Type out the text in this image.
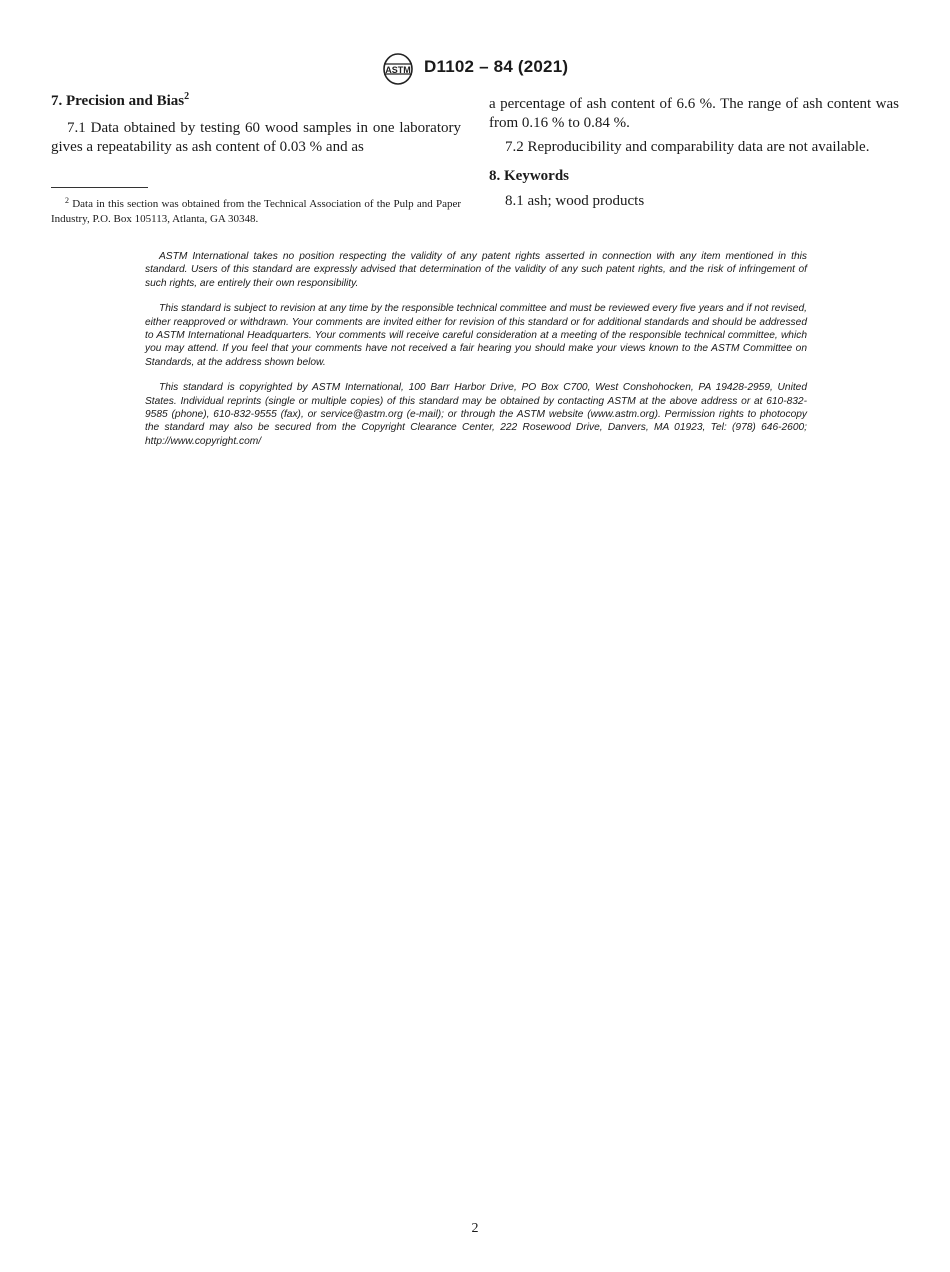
ASTM D1102 – 84 (2021)

7. Precision and Bias$^2$

7.1 Data obtained by testing 60 wood samples in one laboratory gives a repeatability as ash content of 0.03 % and as

a percentage of ash content of 6.6 %. The range of ash content was from 0.16 % to 0.84 %.

7.2 Reproducibility and comparability data are not available.

8. Keywords

8.1 ash; wood products

$^2$ Data in this section was obtained from the Technical Association of the Pulp and Paper Industry, P.O. Box 105113, Atlanta, GA 30348.

ASTM International takes no position respecting the validity of any patent rights asserted in connection with any item mentioned in this standard. Users of this standard are expressly advised that determination of the validity of any such patent rights, and the risk of infringement of such rights, are entirely their own responsibility.

This standard is subject to revision at any time by the responsible technical committee and must be reviewed every five years and if not revised, either reapproved or withdrawn. Your comments are invited either for revision of this standard or for additional standards and should be addressed to ASTM International Headquarters. Your comments will receive careful consideration at a meeting of the responsible technical committee, which you may attend. If you feel that your comments have not received a fair hearing you should make your views known to the ASTM Committee on Standards, at the address shown below.

This standard is copyrighted by ASTM International, 100 Barr Harbor Drive, PO Box C700, West Conshohocken, PA 19428-2959, United States. Individual reprints (single or multiple copies) of this standard may be obtained by contacting ASTM at the above address or at 610-832-9585 (phone), 610-832-9555 (fax), or service@astm.org (e-mail); or through the ASTM website (www.astm.org). Permission rights to photocopy the standard may also be secured from the Copyright Clearance Center, 222 Rosewood Drive, Danvers, MA 01923, Tel: (978) 646-2600; http://www.copyright.com/

2
